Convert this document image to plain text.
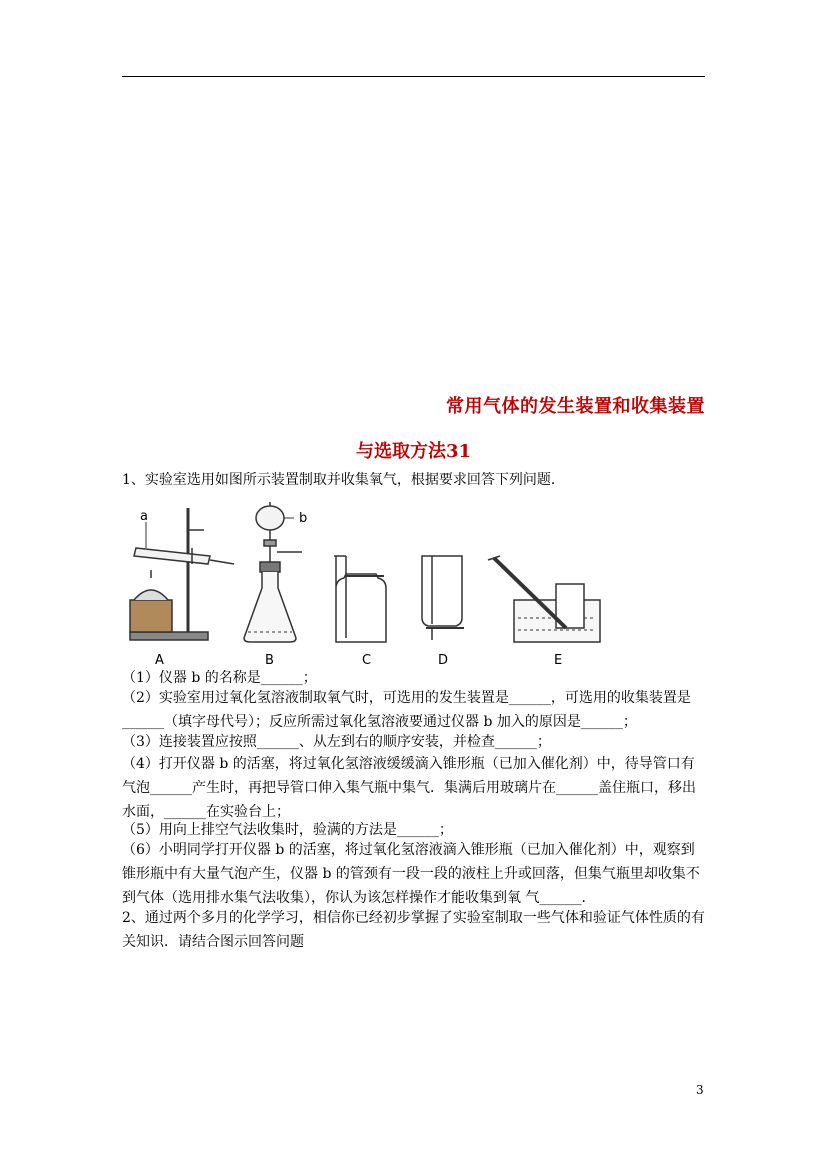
常用气体的发生装置和收集装置
与选取方法31
1、实验室选用如图所示装置制取并收集氧气，根据要求回答下列问题．
a	b
A	B	C	D	E
（1）仪器 b 的名称是______；
（2）实验室用过氧化氢溶液制取氧气时，可选用的发生装置是______，可选用的收集装置是______（填字母代号）；反应所需过氧化氢溶液要通过仪器 b 加入的原因是______；
（3）连接装置应按照______、从左到右的顺序安装，并检查______；
（4）打开仪器 b 的活塞，将过氧化氢溶液缓缓滴入锥形瓶（已加入催化剂）中，待导管口有气泡______产生时，再把导管口伸入集气瓶中集气．集满后用玻璃片在______盖住瓶口，移出水面，______在实验台上；
（5）用向上排空气法收集时，验满的方法是______；
（6）小明同学打开仪器 b 的活塞，将过氧化氢溶液滴入锥形瓶（已加入催化剂）中，观察到锥形瓶中有大量气泡产生，仪器 b 的管颈有一段一段的液柱上升或回落，但集气瓶里却收集不到气体（选用排水集气法收集），你认为该怎样操作才能收集到氧 气______．
2、通过两个多月的化学学习，相信你已经初步掌握了实验室制取一些气体和验证气体性质的有关知识．请结合图示回答问题
3
